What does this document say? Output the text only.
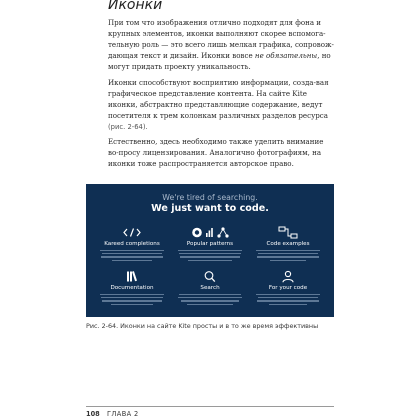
Иконки

При том что изображения отлично подходят для фона и крупных элементов, иконки выполняют скорее вспомога-тельную роль — это всего лишь мелкая графика, сопровож-дающая текст и дизайн. Иконки вовсе не обязательны, но могут придать проекту уникальность.

Иконки способствуют восприятию информации, созда-вая графическое представление контента. На сайте Kite иконки, абстрактно представляющие содержание, ведут посетителя к трем колонкам различных разделов ресурса (рис. 2-64).

Естественно, здесь необходимо также уделить внимание во-просу лицензирования. Аналогично фотографиям, на иконки тоже распространяется авторское право.

We're tired of searching.

We just want to code.

Kareed completions	Popular patterns	Code examples
Documentation	Search	For your code

Рис. 2-64. Иконки на сайте Kite просты и в то же время эффективны

108 ГЛАВА 2
